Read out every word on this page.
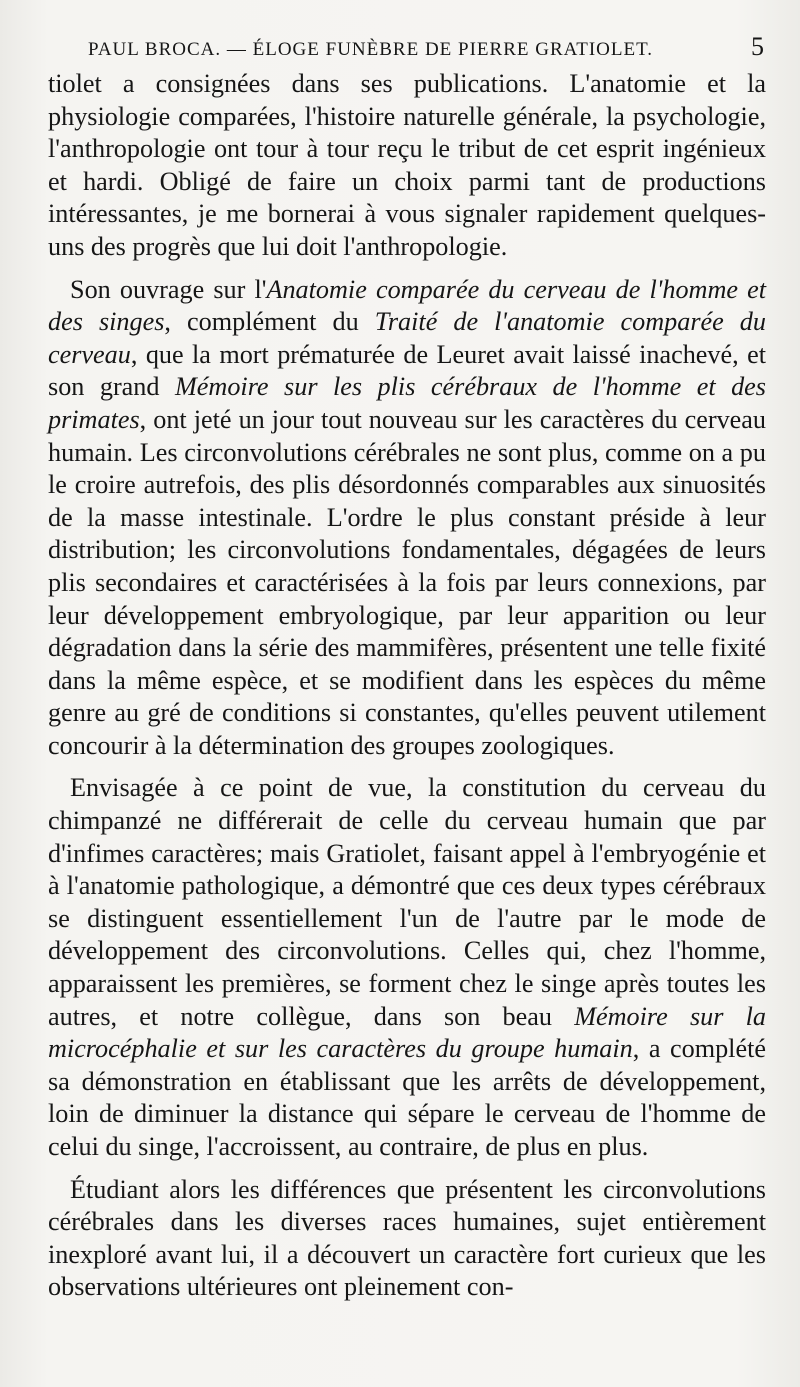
PAUL BROCA. — ÉLOGE FUNÈBRE DE PIERRE GRATIOLET.	5

tiolet a consignées dans ses publications. L'anatomie et la physiologie comparées, l'histoire naturelle générale, la psychologie, l'anthropologie ont tour à tour reçu le tribut de cet esprit ingénieux et hardi. Obligé de faire un choix parmi tant de productions intéressantes, je me bornerai à vous signaler rapidement quelques-uns des progrès que lui doit l'anthropologie.

Son ouvrage sur l'Anatomie comparée du cerveau de l'homme et des singes, complément du Traité de l'anatomie comparée du cerveau, que la mort prématurée de Leuret avait laissé inachevé, et son grand Mémoire sur les plis cérébraux de l'homme et des primates, ont jeté un jour tout nouveau sur les caractères du cerveau humain. Les circonvolutions cérébrales ne sont plus, comme on a pu le croire autrefois, des plis désordonnés comparables aux sinuosités de la masse intestinale. L'ordre le plus constant préside à leur distribution; les circonvolutions fondamentales, dégagées de leurs plis secondaires et caractérisées à la fois par leurs connexions, par leur développement embryologique, par leur apparition ou leur dégradation dans la série des mammifères, présentent une telle fixité dans la même espèce, et se modifient dans les espèces du même genre au gré de conditions si constantes, qu'elles peuvent utilement concourir à la détermination des groupes zoologiques.

Envisagée à ce point de vue, la constitution du cerveau du chimpanzé ne différerait de celle du cerveau humain que par d'infimes caractères; mais Gratiolet, faisant appel à l'embryogénie et à l'anatomie pathologique, a démontré que ces deux types cérébraux se distinguent essentiellement l'un de l'autre par le mode de développement des circonvolutions. Celles qui, chez l'homme, apparaissent les premières, se forment chez le singe après toutes les autres, et notre collègue, dans son beau Mémoire sur la microcéphalie et sur les caractères du groupe humain, a complété sa démonstration en établissant que les arrêts de développement, loin de diminuer la distance qui sépare le cerveau de l'homme de celui du singe, l'accroissent, au contraire, de plus en plus.

Étudiant alors les différences que présentent les circonvolutions cérébrales dans les diverses races humaines, sujet entièrement inexploré avant lui, il a découvert un caractère fort curieux que les observations ultérieures ont pleinement con-
